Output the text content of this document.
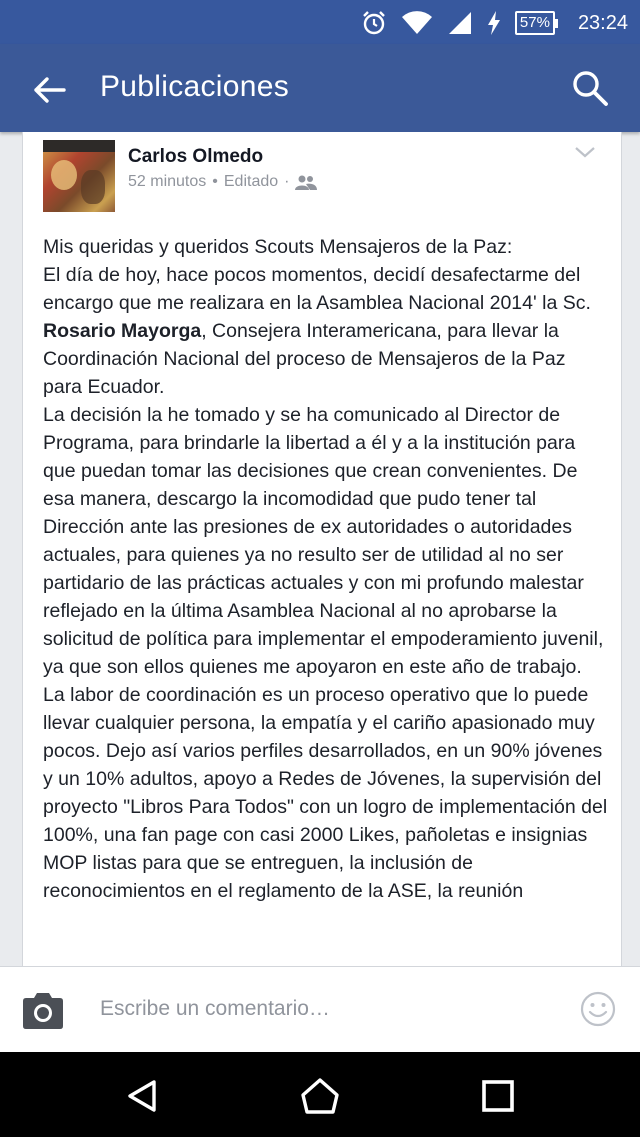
57% 23:24
Publicaciones
Carlos Olmedo
52 minutos • Editado ·
Mis queridas y queridos Scouts Mensajeros de la Paz:
El día de hoy, hace pocos momentos, decidí desafectarme del encargo que me realizara en la Asamblea Nacional 2014' la Sc. Rosario Mayorga, Consejera Interamericana, para llevar la Coordinación Nacional del proceso de Mensajeros de la Paz para Ecuador.
La decisión la he tomado y se ha comunicado al Director de Programa, para brindarle la libertad a él y a la institución para que puedan tomar las decisiones que crean convenientes. De esa manera, descargo la incomodidad que pudo tener tal Dirección ante las presiones de ex autoridades o autoridades actuales, para quienes ya no resulto ser de utilidad al no ser partidario de las prácticas actuales y con mi profundo malestar reflejado en la última Asamblea Nacional al no aprobarse la solicitud de política para implementar el empoderamiento juvenil, ya que son ellos quienes me apoyaron en este año de trabajo.
La labor de coordinación es un proceso operativo que lo puede llevar cualquier persona, la empatía y el cariño apasionado muy pocos. Dejo así varios perfiles desarrollados, en un 90% jóvenes y un 10% adultos, apoyo a Redes de Jóvenes, la supervisión del proyecto "Libros Para Todos" con un logro de implementación del 100%, una fan page con casi 2000 Likes, pañoletas e insignias MOP listas para que se entreguen, la inclusión de reconocimientos en el reglamento de la ASE, la reunión
Escribe un comentario…
